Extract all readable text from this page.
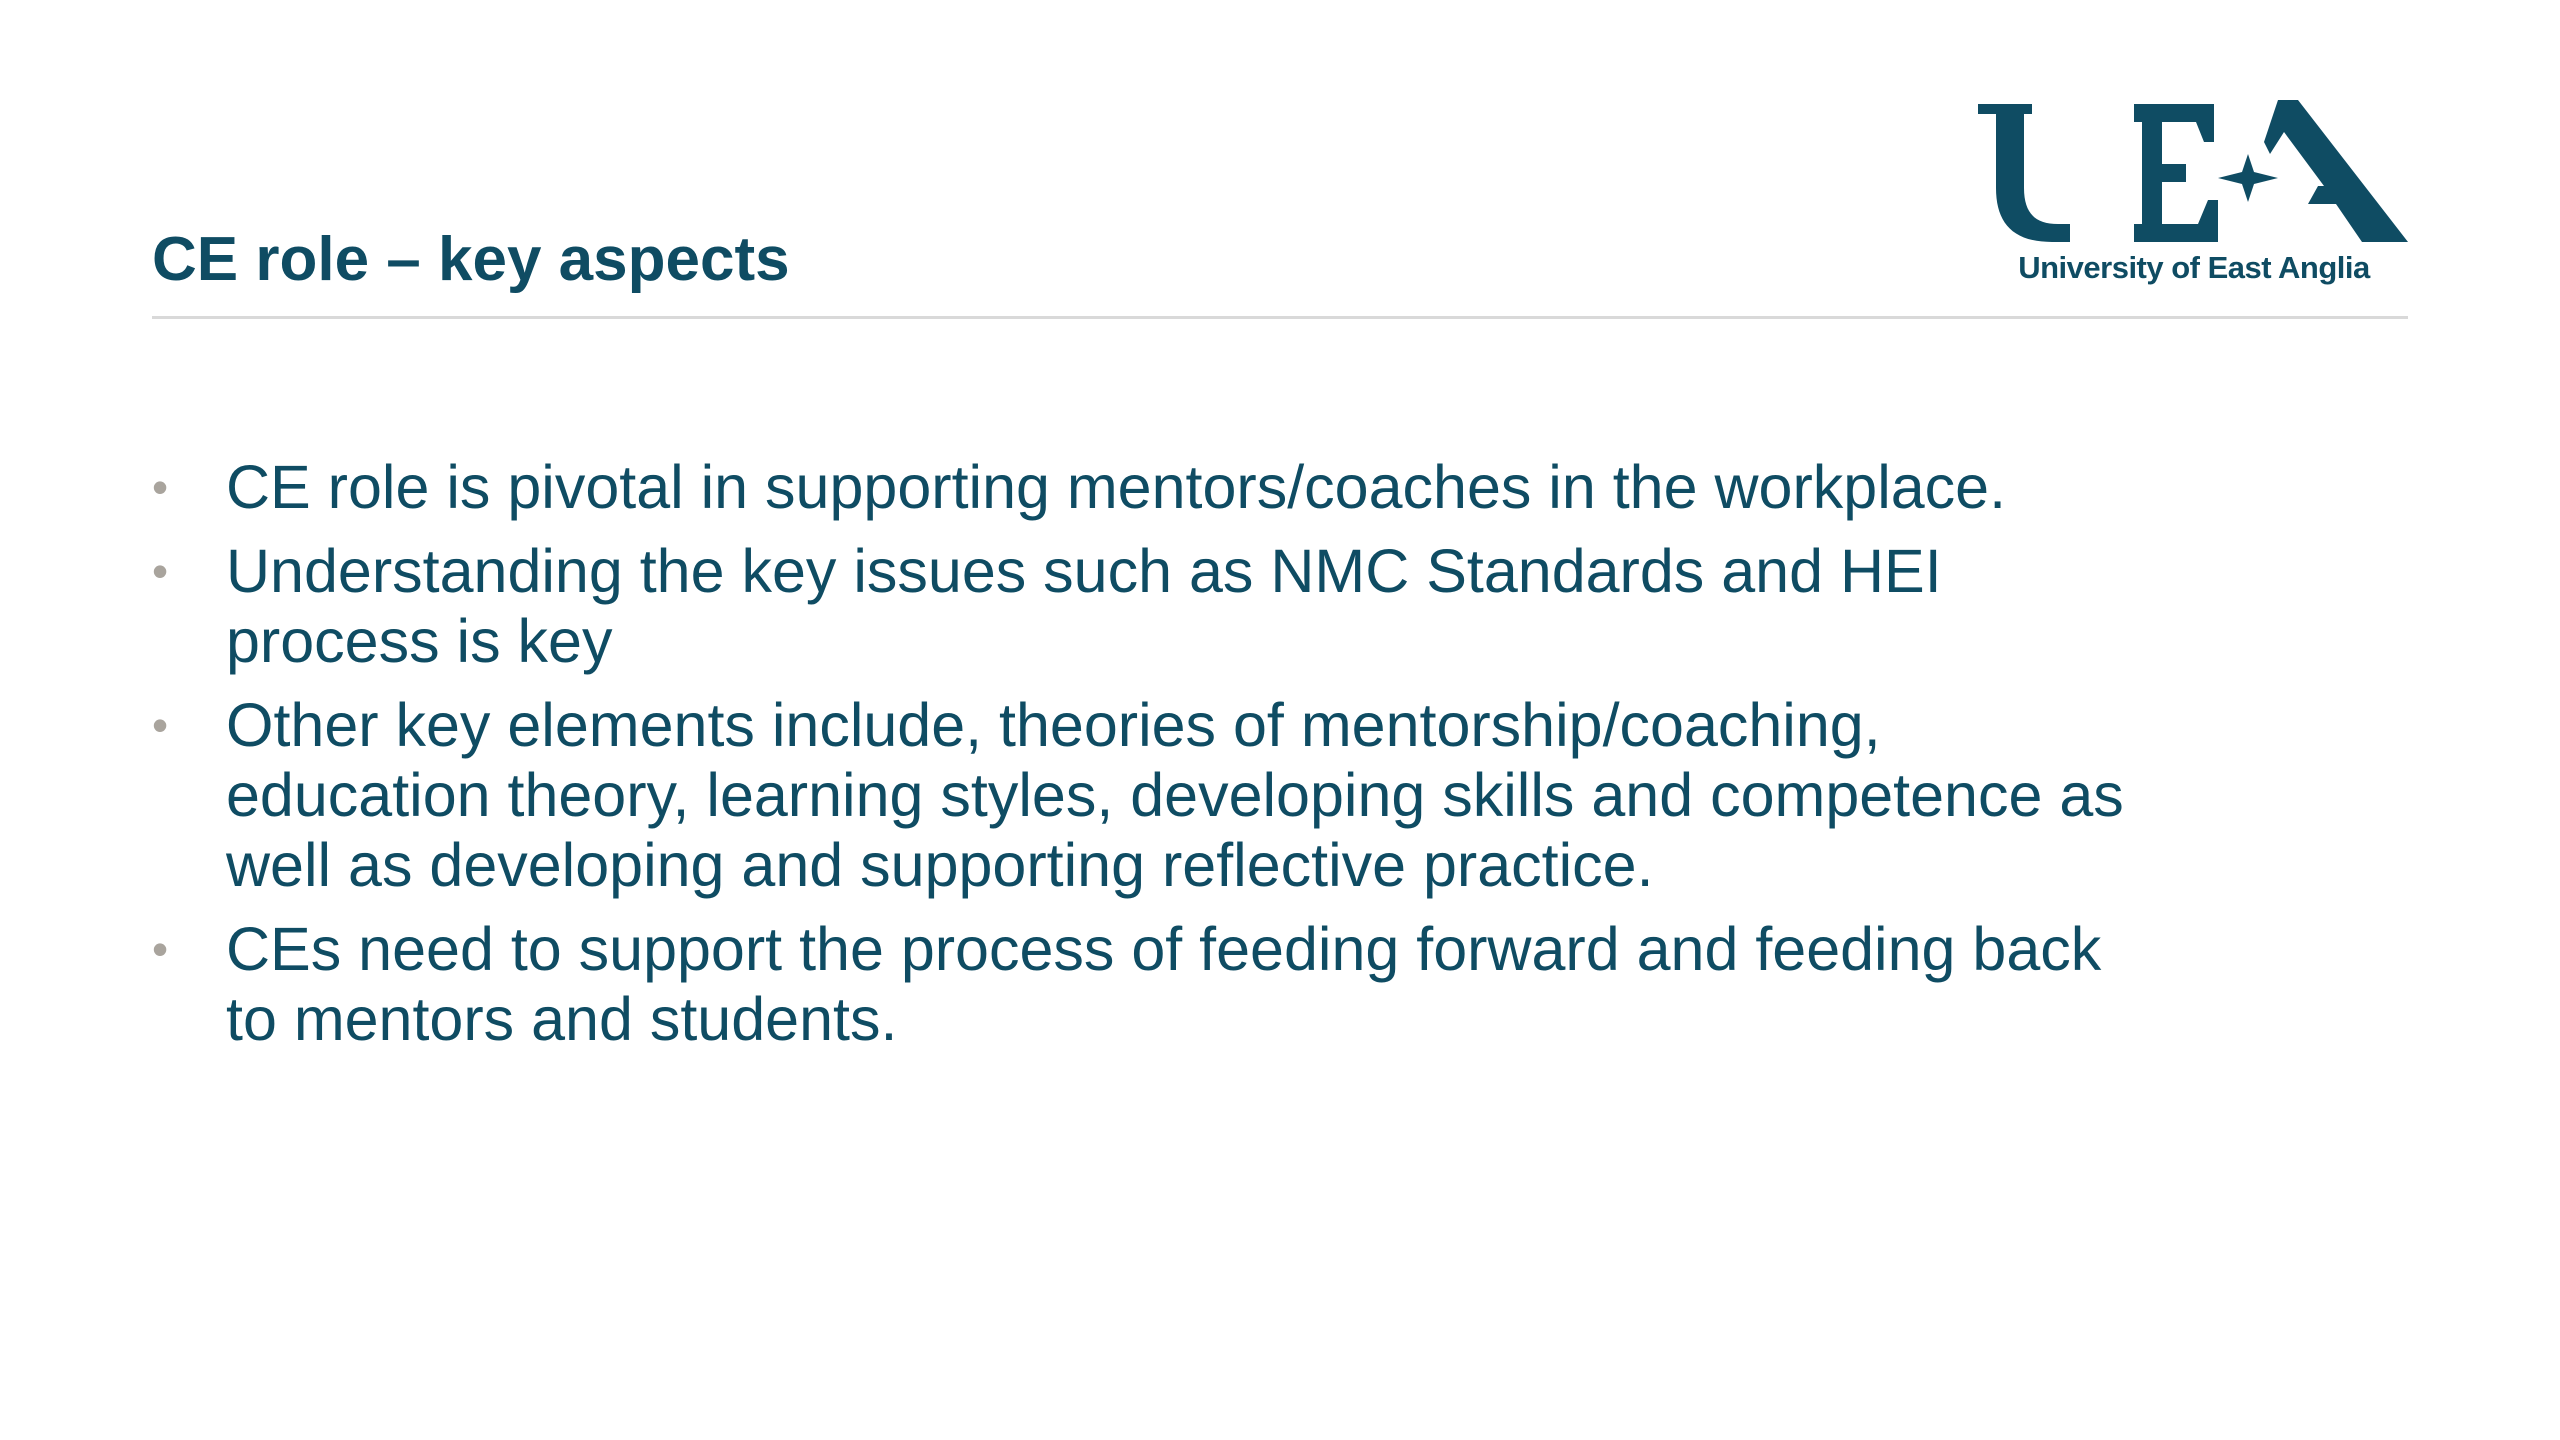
CE role – key aspects	University of East Anglia
• CE role is pivotal in supporting mentors/coaches in the workplace.
• Understanding the key issues such as NMC Standards and HEI process is key
• Other key elements include, theories of mentorship/coaching, education theory, learning styles, developing skills and competence as well as developing and supporting reflective practice.
• CEs need to support the process of feeding forward and feeding back to mentors and students.
